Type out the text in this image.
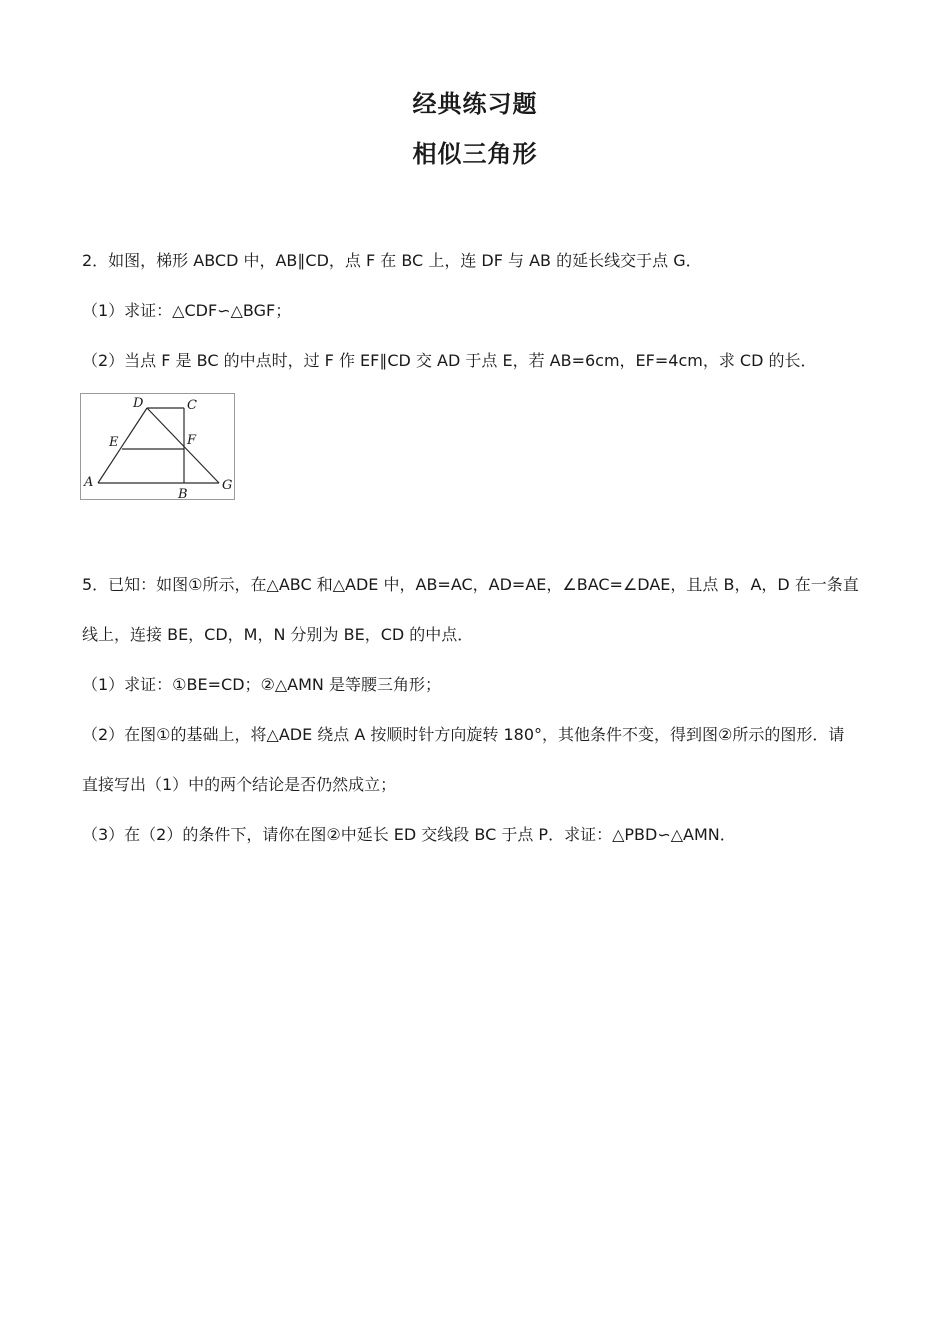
经典练习题
相似三角形
2．如图，梯形 ABCD 中，AB∥CD，点 F 在 BC 上，连 DF 与 AB 的延长线交于点 G．
（1）求证：△CDF∽△BGF；
（2）当点 F 是 BC 的中点时，过 F 作 EF∥CD 交 AD 于点 E，若 AB=6cm，EF=4cm，求 CD 的长．
D	C
E	F
A
B
G
5．已知：如图①所示，在△ABC 和△ADE 中，AB=AC，AD=AE，∠BAC=∠DAE，且点 B，A，D 在一条直
线上，连接 BE，CD，M，N 分别为 BE，CD 的中点．
（1）求证：①BE=CD；②△AMN 是等腰三角形；
（2）在图①的基础上，将△ADE 绕点 A 按顺时针方向旋转 180°，其他条件不变，得到图②所示的图形．请
直接写出（1）中的两个结论是否仍然成立；
（3）在（2）的条件下，请你在图②中延长 ED 交线段 BC 于点 P．求证：△PBD∽△AMN．
